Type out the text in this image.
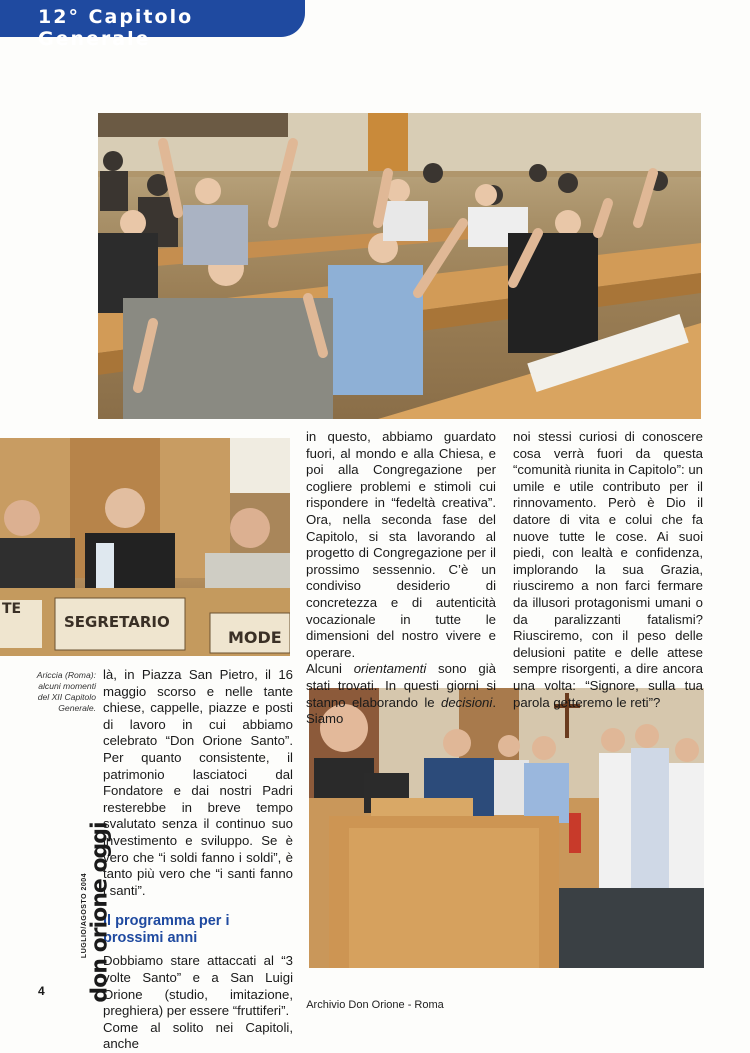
12° Capitolo Generale
TE
SEGRETARIO
MODE

in questo, abbiamo guardato fuori, al mondo e alla Chiesa, e poi alla Congregazione per cogliere problemi e stimoli cui rispondere in “fedeltà creativa”. Ora, nella seconda fase del Capitolo, si sta lavorando al progetto di Congregazione per il prossimo sessennio. C’è un condiviso desiderio di concretezza e di autenticità vocazionale in tutte le dimensioni del nostro vivere e operare.

Alcuni orientamenti sono già stati trovati. In questi giorni si stanno elaborando le decisioni. Siamo

noi stessi curiosi di conoscere cosa verrà fuori da questa “comunità riunita in Capitolo”: un umile e utile contributo per il rinnovamento. Però è Dio il datore di vita e colui che fa nuove tutte le cose. Ai suoi piedi, con lealtà e confidenza, implorando la sua Grazia, riusciremo a non farci fermare da illusori protagonismi umani o da paralizzanti fatalismi? Riusciremo, con il peso delle delusioni patite e delle attese sempre risorgenti, a dire ancora una volta: “Signore, sulla tua parola getteremo le reti”?

Ariccia (Roma): alcuni momenti del XII Capitolo Generale.

là, in Piazza San Pietro, il 16 maggio scorso e nelle tante chiese, cappelle, piazze e posti di lavoro in cui abbiamo celebrato “Don Orione Santo”. Per quanto consistente, il patrimonio lasciatoci dal Fondatore e dai nostri Padri resterebbe in breve tempo svalutato senza il continuo suo investimento e sviluppo. Se è vero che “i soldi fanno i soldi”, è tanto più vero che “i santi fanno i santi”.

Il programma per i prossimi anni

Dobbiamo stare attaccati al “3 volte Santo” e a San Luigi Orione (studio, imitazione, preghiera) per essere “fruttiferi”.

Come al solito nei Capitoli, anche

don orione oggi
LUGLIO/AGOSTO 2004
4
Archivio Don Orione - Roma
